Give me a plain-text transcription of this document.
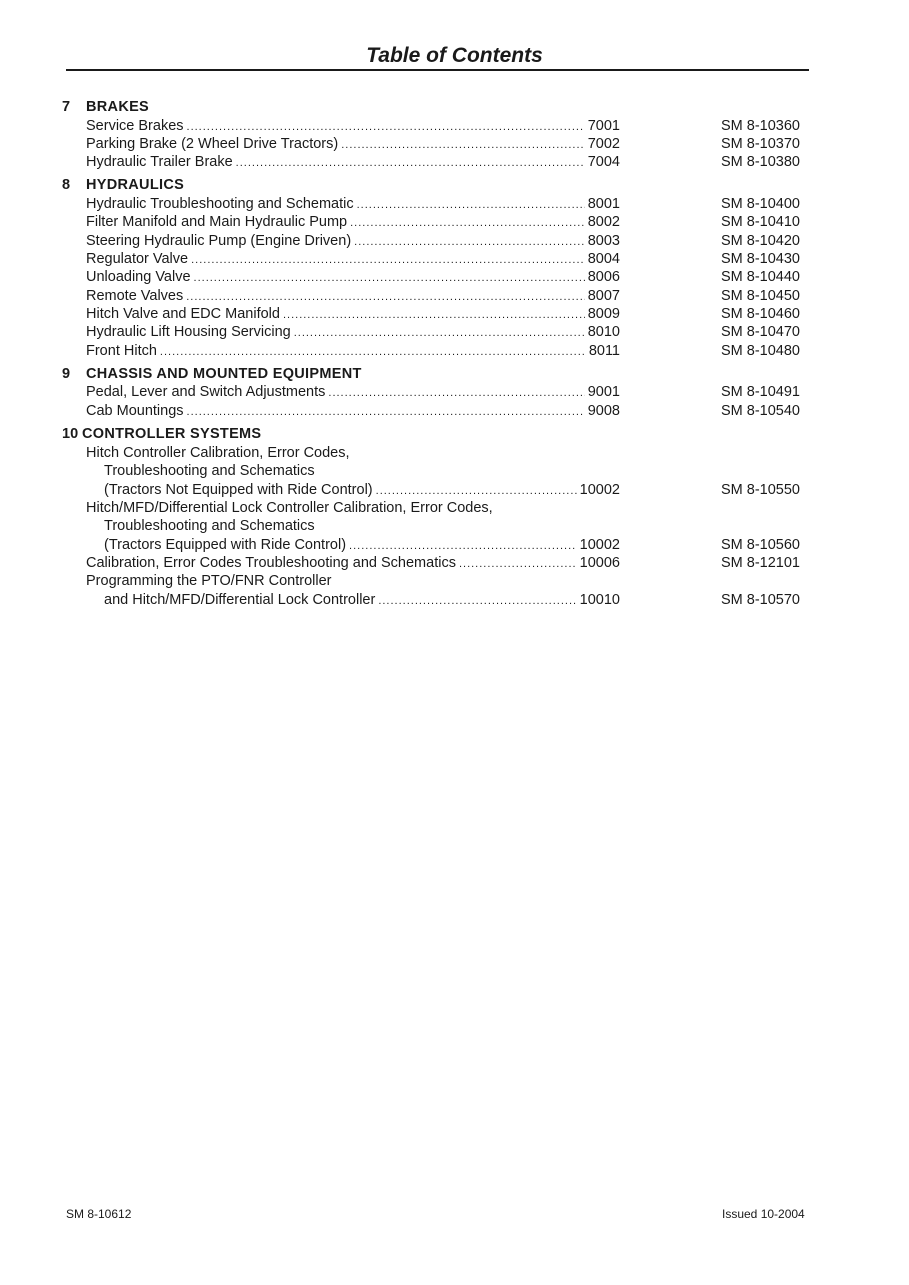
Table of Contents
7	BRAKES
Service Brakes .....	7001	SM 8-10360
Parking Brake (2 Wheel Drive Tractors) .....	7002	SM 8-10370
Hydraulic Trailer Brake .....	7004	SM 8-10380
8	HYDRAULICS
Hydraulic Troubleshooting and Schematic .....	8001	SM 8-10400
Filter Manifold and Main Hydraulic Pump .....	8002	SM 8-10410
Steering Hydraulic Pump (Engine Driven) .....	8003	SM 8-10420
Regulator Valve .....	8004	SM 8-10430
Unloading Valve .....	8006	SM 8-10440
Remote Valves .....	8007	SM 8-10450
Hitch Valve and EDC Manifold .....	8009	SM 8-10460
Hydraulic Lift Housing Servicing .....	8010	SM 8-10470
Front Hitch .....	8011	SM 8-10480
9	CHASSIS AND MOUNTED EQUIPMENT
Pedal, Lever and Switch Adjustments .....	9001	SM 8-10491
Cab Mountings .....	9008	SM 8-10540
10 CONTROLLER SYSTEMS
Hitch Controller Calibration, Error Codes,
Troubleshooting and Schematics
(Tractors Not Equipped with Ride Control) .....	10002	SM 8-10550
Hitch/MFD/Differential Lock Controller Calibration, Error Codes,
Troubleshooting and Schematics
(Tractors Equipped with Ride Control) .....	10002	SM 8-10560
Calibration, Error Codes Troubleshooting and Schematics .....	10006	SM 8-12101
Programming the PTO/FNR Controller
and Hitch/MFD/Differential Lock Controller .....	10010	SM 8-10570
SM 8-10612	Issued 10-2004
